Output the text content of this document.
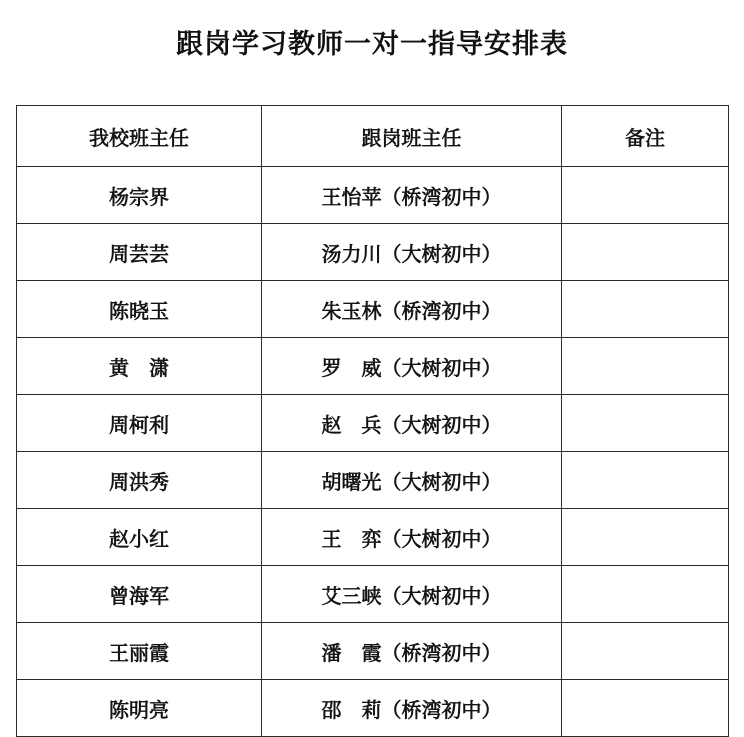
跟岗学习教师一对一指导安排表
我校班主任	跟岗班主任	备注
杨宗界	王怡苹（桥湾初中）	
周芸芸	汤力川（大树初中）	
陈晓玉	朱玉林（桥湾初中）	
黄　潇	罗　威（大树初中）	
周柯利	赵　兵（大树初中）	
周洪秀	胡曙光（大树初中）	
赵小红	王　弈（大树初中）	
曾海军	艾三峡（大树初中）	
王丽霞	潘　霞（桥湾初中）	
陈明亮	邵　莉（桥湾初中）	
